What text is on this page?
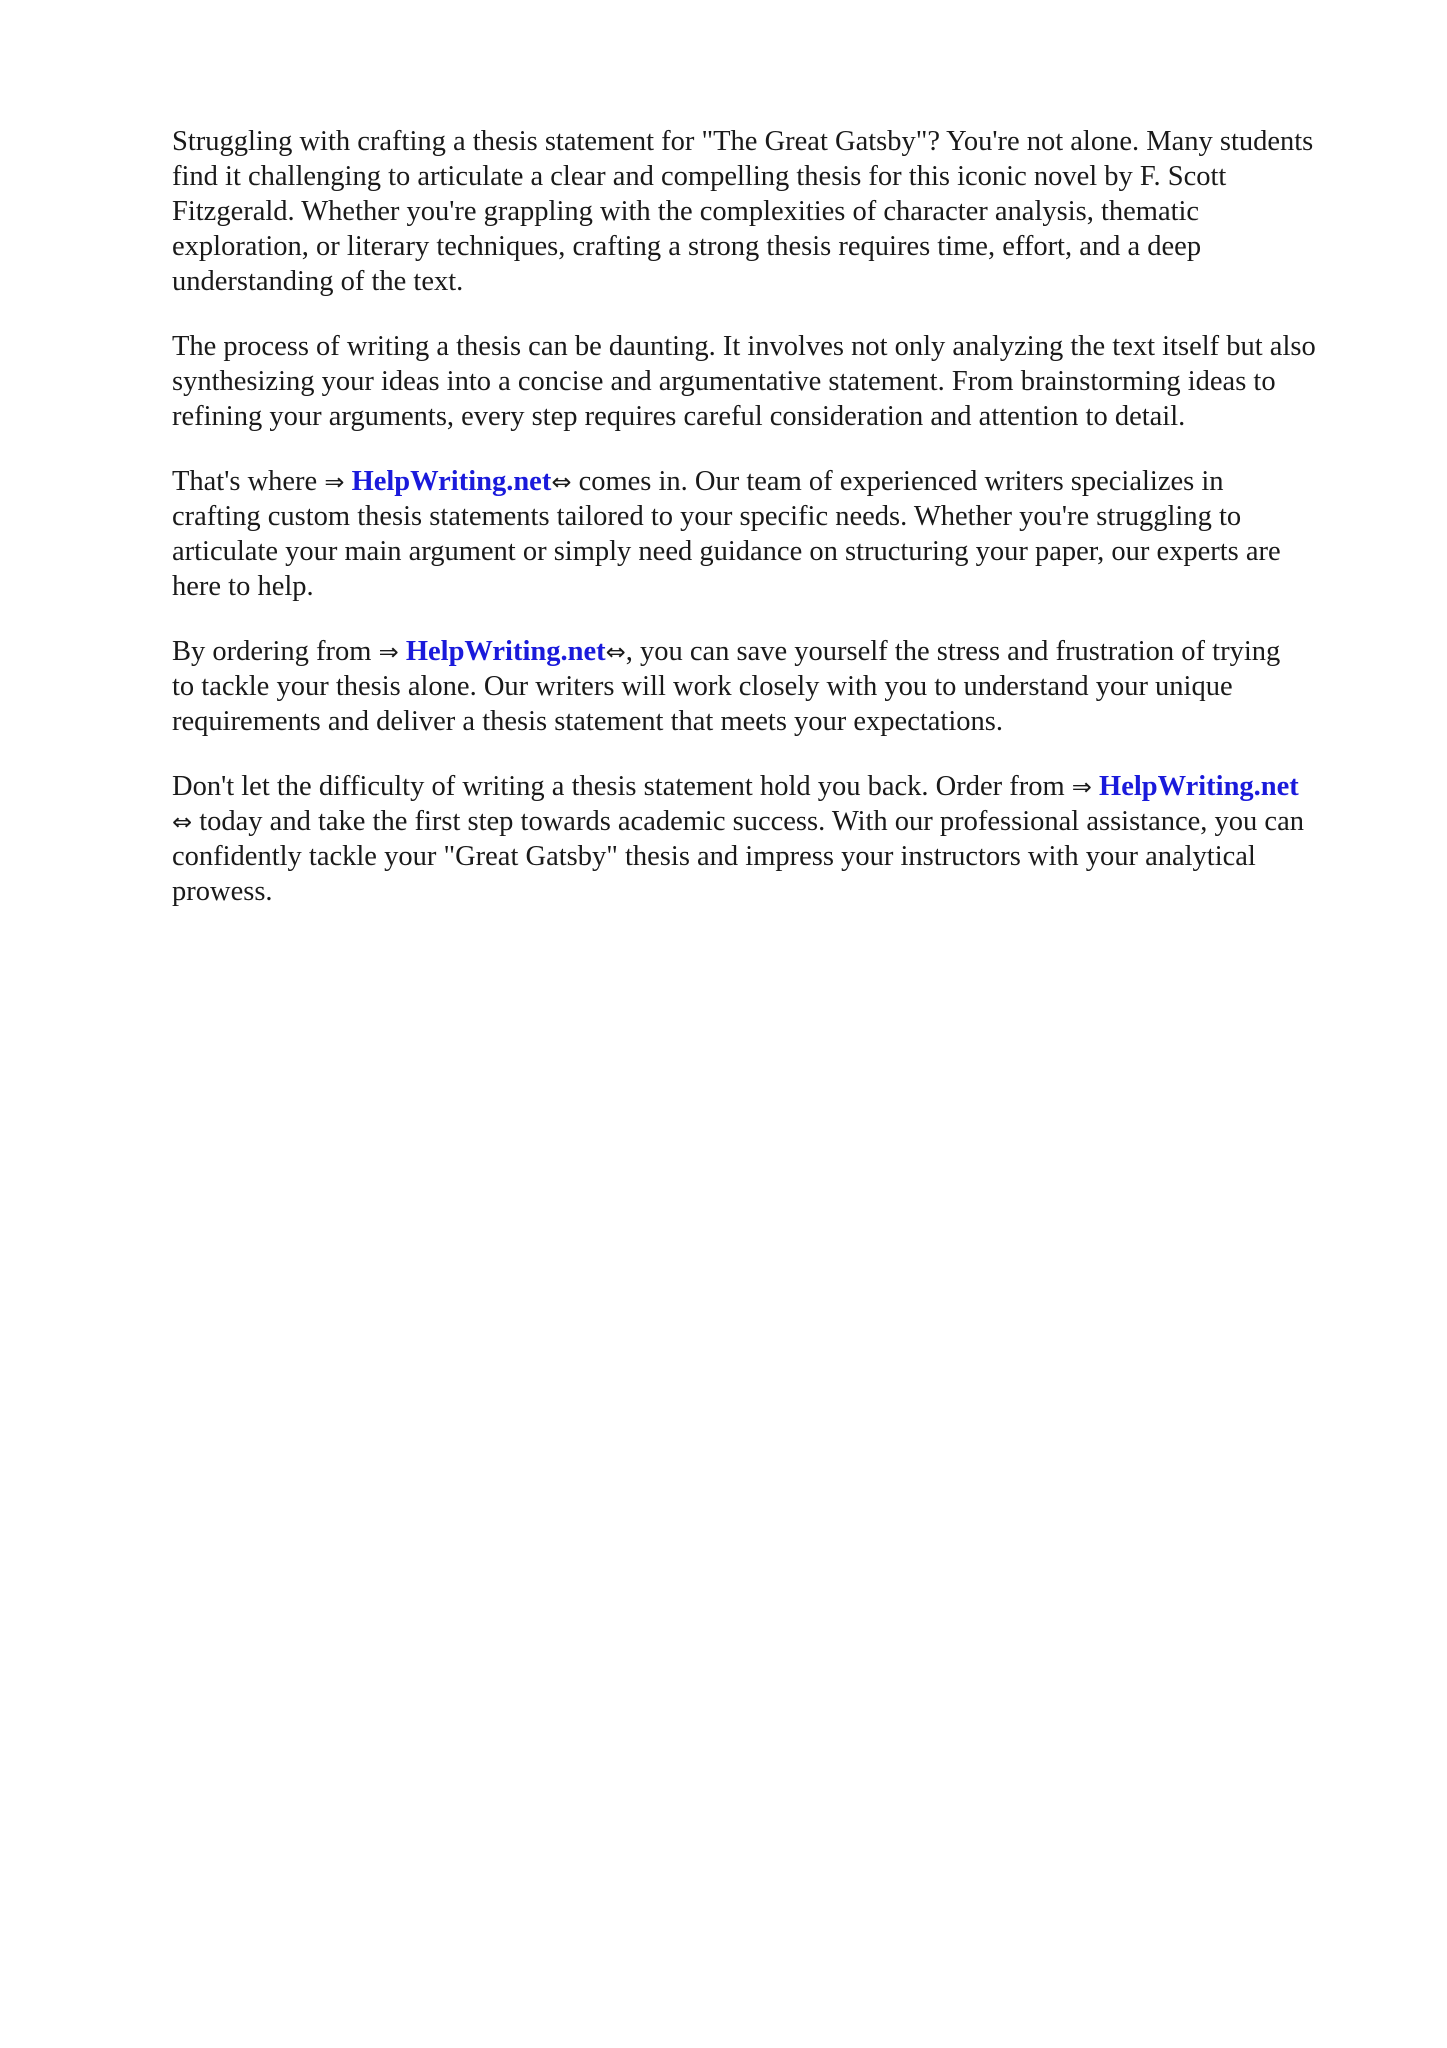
Struggling with crafting a thesis statement for "The Great Gatsby"? You're not alone. Many students
find it challenging to articulate a clear and compelling thesis for this iconic novel by F. Scott
Fitzgerald. Whether you're grappling with the complexities of character analysis, thematic
exploration, or literary techniques, crafting a strong thesis requires time, effort, and a deep
understanding of the text.
The process of writing a thesis can be daunting. It involves not only analyzing the text itself but also
synthesizing your ideas into a concise and argumentative statement. From brainstorming ideas to
refining your arguments, every step requires careful consideration and attention to detail.
That's where ⇒ HelpWriting.net⇔ comes in. Our team of experienced writers specializes in
crafting custom thesis statements tailored to your specific needs. Whether you're struggling to
articulate your main argument or simply need guidance on structuring your paper, our experts are
here to help.
By ordering from ⇒ HelpWriting.net⇔, you can save yourself the stress and frustration of trying
to tackle your thesis alone. Our writers will work closely with you to understand your unique
requirements and deliver a thesis statement that meets your expectations.
Don't let the difficulty of writing a thesis statement hold you back. Order from ⇒ HelpWriting.net
⇔ today and take the first step towards academic success. With our professional assistance, you can
confidently tackle your "Great Gatsby" thesis and impress your instructors with your analytical
prowess.
